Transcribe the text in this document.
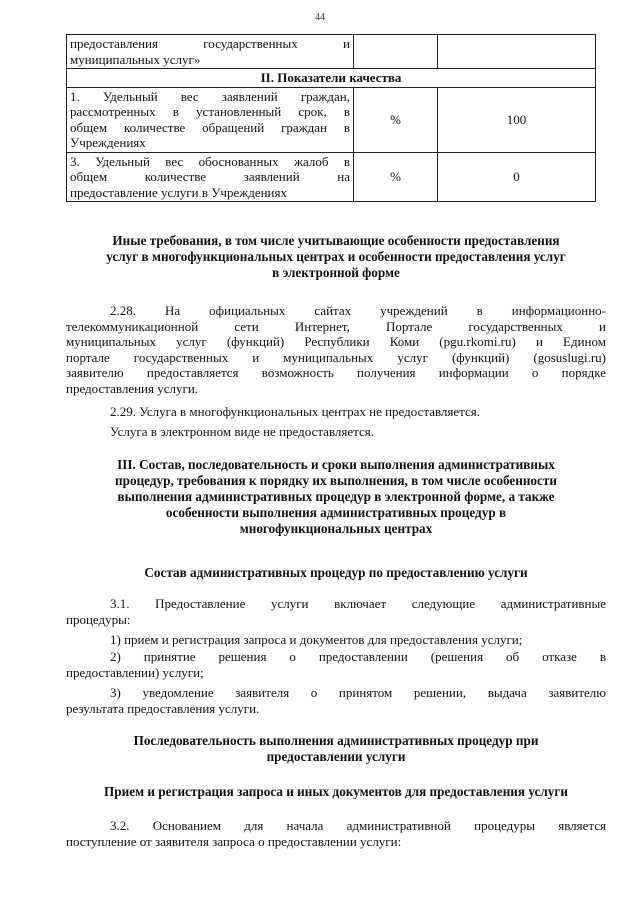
44
предоставления государственных и
муниципальных услуг»		

II. Показатели качества		

1. Удельный вес заявлений граждан,
рассмотренных в установленный срок, в
общем количестве обращений граждан в
Учреждениях	%	100

3. Удельный вес обоснованных жалоб в
общем количестве заявлений на
предоставление услуги в Учреждениях	%	0
Иные требования, в том числе учитывающие особенности предоставления
услуг в многофункциональных центрах и особенности предоставления услуг
в электронной форме
2.28. На официальных сайтах учреждений в информационно-
телекоммуникационной сети Интернет, Портале государственных и
муниципальных услуг (функций) Республики Коми (pgu.rkomi.ru) и Едином
портале государственных и муниципальных услуг (функций) (gosuslugi.ru)
заявителю предоставляется возможность получения информации о порядке
предоставления услуги.
2.29. Услуга в многофункциональных центрах не предоставляется.
Услуга в электронном виде не предоставляется.
III. Состав, последовательность и сроки выполнения административных
процедур, требования к порядку их выполнения, в том числе особенности
выполнения административных процедур в электронной форме, а также
особенности выполнения административных процедур в
многофункциональных центрах
Состав административных процедур по предоставлению услуги
3.1. Предоставление услуги включает следующие административные
процедуры:
1) прием и регистрация запроса и документов для предоставления услуги;
2) принятие решения о предоставлении (решения об отказе в
предоставлении) услуги;
3) уведомление заявителя о принятом решении, выдача заявителю
результата предоставления услуги.
Последовательность выполнения административных процедур при
предоставлении услуги
Прием и регистрация запроса и иных документов для предоставления услуги
3.2. Основанием для начала административной процедуры является
поступление от заявителя запроса о предоставлении услуги:
